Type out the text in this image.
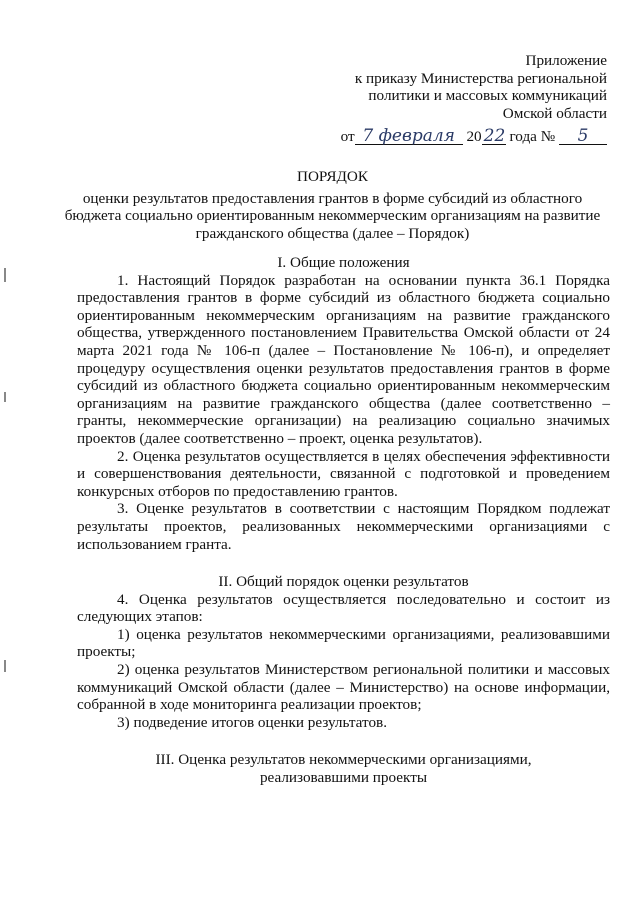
Приложение
к приказу Министерства региональной
политики и массовых коммуникаций
Омской области
от 7 февраля 20 22 года № 5
ПОРЯДОК
оценки результатов предоставления грантов в форме субсидий из областного бюджета социально ориентированным некоммерческим организациям на развитие гражданского общества (далее – Порядок)

I. Общие положения

1. Настоящий Порядок разработан на основании пункта 36.1 Порядка предоставления грантов в форме субсидий из областного бюджета социально ориентированным некоммерческим организациям на развитие гражданского общества, утвержденного постановлением Правительства Омской области от 24 марта 2021 года № 106-п (далее – Постановление № 106-п), и определяет процедуру осуществления оценки результатов предоставления грантов в форме субсидий из областного бюджета социально ориентированным некоммерческим организациям на развитие гражданского общества (далее соответственно – гранты, некоммерческие организации) на реализацию социально значимых проектов (далее соответственно – проект, оценка результатов).

2. Оценка результатов осуществляется в целях обеспечения эффективности и совершенствования деятельности, связанной с подготовкой и проведением конкурсных отборов по предоставлению грантов.

3. Оценке результатов в соответствии с настоящим Порядком подлежат результаты проектов, реализованных некоммерческими организациями с использованием гранта.

II. Общий порядок оценки результатов

4. Оценка результатов осуществляется последовательно и состоит из следующих этапов:

1) оценка результатов некоммерческими организациями, реализовавшими проекты;

2) оценка результатов Министерством региональной политики и массовых коммуникаций Омской области (далее – Министерство) на основе информации, собранной в ходе мониторинга реализации проектов;

3) подведение итогов оценки результатов.

III. Оценка результатов некоммерческими организациями,

реализовавшими проекты
